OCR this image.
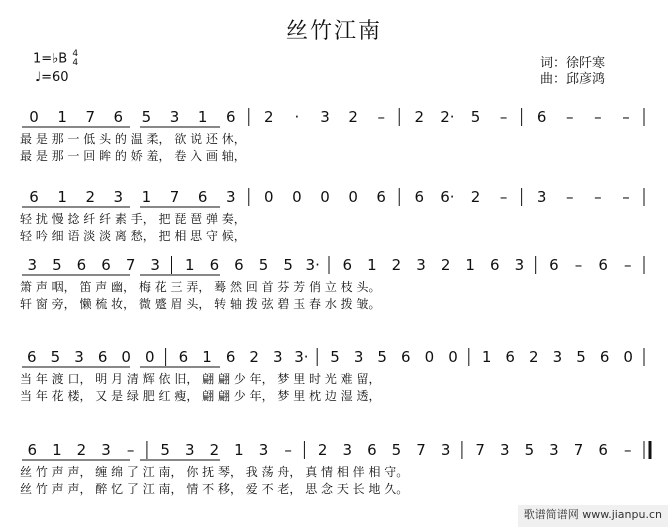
丝竹江南
1=♭B 4
4
♩=60
词：徐阡寒
曲：邱彦鸿
0 1 7 6 5 3 1 6 2 · 3 2 – 2 2· 5 – 6 – – –
最 是 那 一 低 头 的 温 柔， 欲 说 还 休，
最 是 那 一 回 眸 的 娇 羞， 卷 入 画 轴，
6 1 2 3 1 7 6 3 0 0 0 0 6 6 6· 2 – 3 – – –
轻 扰 慢 捻 纤 纤 素 手， 把 琵 琶 弹 奏，
轻 吟 细 语 淡 淡 离 愁， 把 相 思 守 候，
3 5 6 6 7 3 1 6 6 5 5 3· 6 1 2 3 2 1 6 3 6 – 6 –
箫 声 咽， 笛 声 幽， 梅 花 三 弄， 蓦 然 回 首 芬 芳 俏 立 枝 头。
轩 窗 旁， 懒 梳 妆， 微 蹙 眉 头， 转 轴 拨 弦 碧 玉 春 水 拨 皱。
6 5 3 6 0 0 6 1 6 2 3 3· 5 3 5 6 0 0 1 6 2 3 5 6 0
当 年 渡 口， 明 月 清 辉 依 旧， 翩 翩 少 年， 梦 里 时 光 难 留，
当 年 花 楼， 又 是 绿 肥 红 瘦， 翩 翩 少 年， 梦 里 枕 边 湿 透，
6 1 2 3 – 5 3 2 1 3 – 2 3 6 5 7 3 7 3 5 3 7 6 –
丝 竹 声 声， 缠 绵 了 江 南， 你 抚 琴， 我 荡 舟， 真 情 相 伴 相 守。
丝 竹 声 声， 醉 忆 了 江 南， 情 不 移， 爱 不 老， 思 念 天 长 地 久。
歌谱简谱网 www.jianpu.cn
